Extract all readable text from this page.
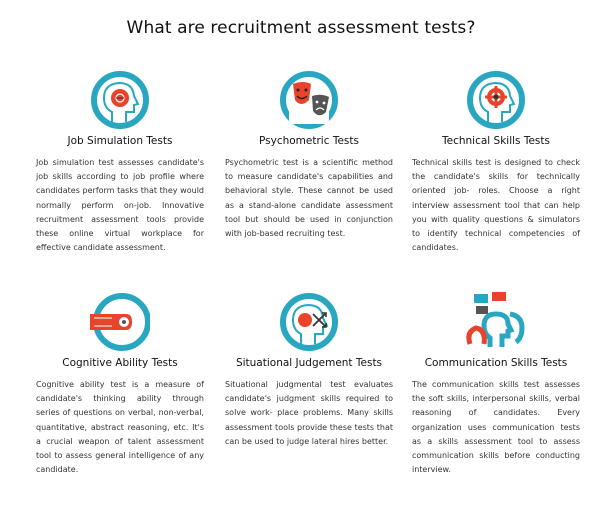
What are recruitment assessment tests?
Job Simulation Tests
Job simulation test assesses candidate's job skills according to job profile where candidates perform tasks that they would normally perform on-job. Innovative recruitment assessment tools provide these online virtual workplace for effective candidate assessment.
Psychometric Tests
Psychometric test is a scientific method to measure candidate's capabilities and behavioral style. These cannot be used as a stand-alone candidate assessment tool but should be used in conjunction with job-based recruiting test.
Technical Skills Tests
Technical skills test is designed to check the candidate's skills for technically oriented job- roles. Choose a right interview assessment tool that can help you with quality questions & simulators to identify technical competencies of candidates.
Cognitive Ability Tests
Cognitive ability test is a measure of candidate's thinking ability through series of questions on verbal, non-verbal, quantitative, abstract reasoning, etc. It's a crucial weapon of talent assessment tool to assess general intelligence of any candidate.
Situational Judgement Tests
Situational judgmental test evaluates candidate's judgment skills required to solve work- place problems. Many skills assessment tools provide these tests that can be used to judge lateral hires better.
Communication Skills Tests
The communication skills test assesses the soft skills, interpersonal skills, verbal reasoning of candidates. Every organization uses communication tests as a skills assessment tool to assess communication skills before conducting interview.
